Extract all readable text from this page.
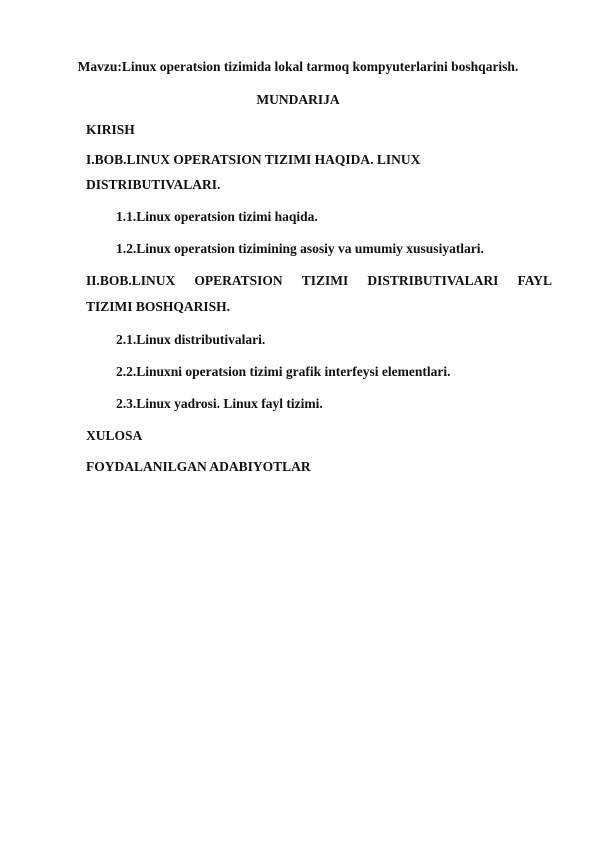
Mavzu:Linux operatsion tizimida lokal tarmoq kompyuterlarini boshqarish.
MUNDARIJA
KIRISH
I.BOB.LINUX OPERATSION TIZIMI HAQIDA. LINUX
DISTRIBUTIVALARI.
1.1.Linux operatsion tizimi haqida.
1.2.Linux operatsion tizimining asosiy va umumiy xususiyatlari.
II.BOB.LINUX OPERATSION TIZIMI DISTRIBUTIVALARI FAYL
TIZIMI BOSHQARISH.
2.1.Linux distributivalari.
2.2.Linuxni operatsion tizimi grafik interfeysi elementlari.
2.3.Linux yadrosi. Linux fayl tizimi.
XULOSA
FOYDALANILGAN ADABIYOTLAR
